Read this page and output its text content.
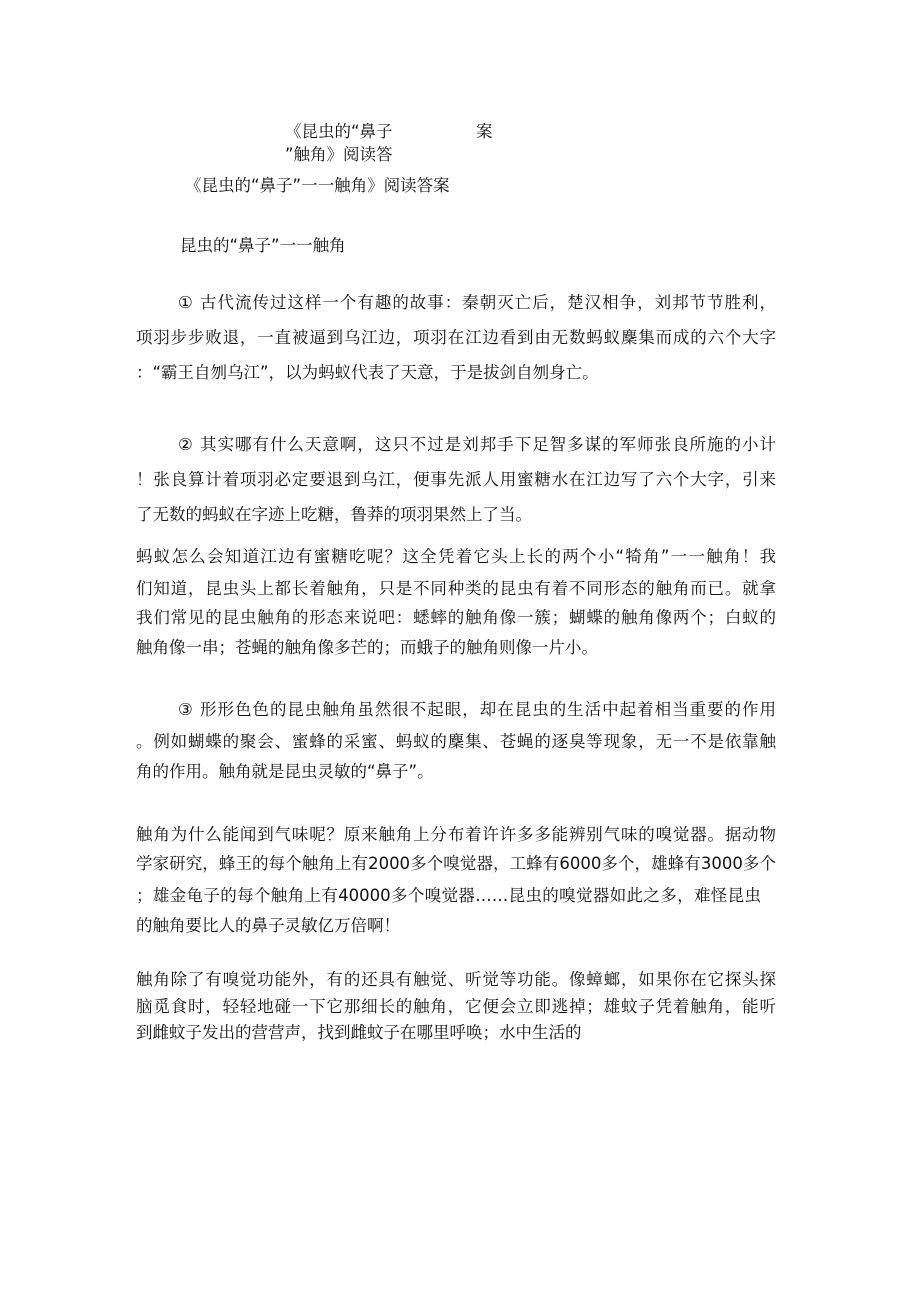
《昆虫的“鼻子	案
”触角》阅读答
《昆虫的“鼻子”一一触角》阅读答案
昆虫的“鼻子”一一触角
① 古代流传过这样一个有趣的故事：秦朝灭亡后，楚汉相争，刘邦节节胜利，
项羽步步败退，一直被逼到乌江边，项羽在江边看到由无数蚂蚁麇集而成的六个大字
：“霸王自刎乌江”，以为蚂蚁代表了天意，于是拔剑自刎身亡。
② 其实哪有什么天意啊，这只不过是刘邦手下足智多谋的军师张良所施的小计
！张良算计着项羽必定要退到乌江，便事先派人用蜜糖水在江边写了六个大字，引来
了无数的蚂蚁在字迹上吃糖，鲁莽的项羽果然上了当。
蚂蚁怎么会知道江边有蜜糖吃呢？这全凭着它头上长的两个小“犄角”一一触角！我
们知道，昆虫头上都长着触角，只是不同种类的昆虫有着不同形态的触角而已。就拿
我们常见的昆虫触角的形态来说吧：蟋蟀的触角像一簇；蝴蝶的触角像两个；白蚁的
触角像一串；苍蝇的触角像多芒的；而蛾子的触角则像一片小。
③ 形形色色的昆虫触角虽然很不起眼，却在昆虫的生活中起着相当重要的作用
。例如蝴蝶的聚会、蜜蜂的采蜜、蚂蚁的麇集、苍蝇的逐臭等现象，无一不是依靠触
角的作用。触角就是昆虫灵敏的“鼻子”。
触角为什么能闻到气味呢？原来触角上分布着许许多多能辨别气味的嗅觉器。据动物
学家研究，蜂王的每个触角上有2000多个嗅觉器，工蜂有6000多个，雄蜂有3000多个
；雄金龟子的每个触角上有40000多个嗅觉器……昆虫的嗅觉器如此之多，难怪昆虫
的触角要比人的鼻子灵敏亿万倍啊！
触角除了有嗅觉功能外，有的还具有触觉、听觉等功能。像蟑螂，如果你在它探头探
脑觅食时，轻轻地碰一下它那细长的触角，它便会立即逃掉；雄蚊子凭着触角，能听
到雌蚊子发出的营营声，找到雌蚊子在哪里呼唤；水中生活的
